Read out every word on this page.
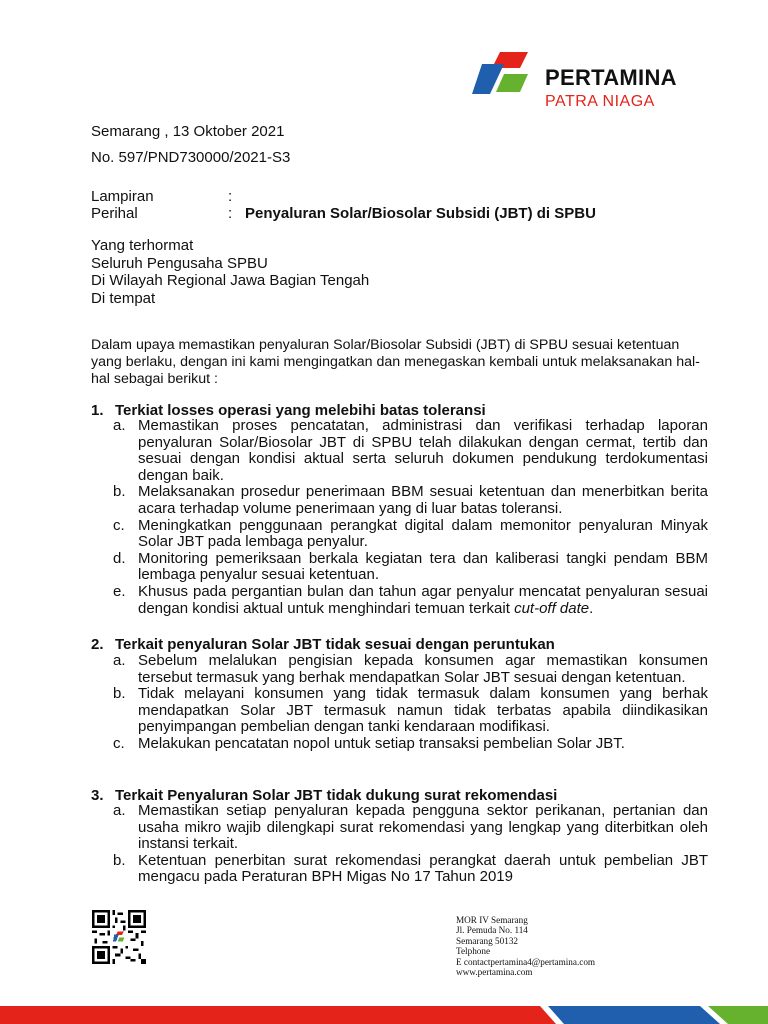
PERTAMINA
PATRA NIAGA
Semarang , 13 Oktober 2021
No. 597/PND730000/2021-S3
Lampiran	:
Perihal	: Penyaluran Solar/Biosolar Subsidi (JBT) di SPBU
Yang terhormat
Seluruh Pengusaha SPBU
Di Wilayah Regional Jawa Bagian Tengah
Di tempat
Dalam upaya memastikan penyaluran Solar/Biosolar Subsidi (JBT) di SPBU sesuai ketentuan yang berlaku, dengan ini kami mengingatkan dan menegaskan kembali untuk melaksanakan hal-hal sebagai berikut :
1. Terkiat losses operasi yang melebihi batas toleransi
a. Memastikan proses pencatatan, administrasi dan verifikasi terhadap laporan penyaluran Solar/Biosolar JBT di SPBU telah dilakukan dengan cermat, tertib dan sesuai dengan kondisi aktual serta seluruh dokumen pendukung terdokumentasi dengan baik.
b. Melaksanakan prosedur penerimaan BBM sesuai ketentuan dan menerbitkan berita acara terhadap volume penerimaan yang di luar batas toleransi.
c. Meningkatkan penggunaan perangkat digital dalam memonitor penyaluran Minyak Solar JBT pada lembaga penyalur.
d. Monitoring pemeriksaan berkala kegiatan tera dan kaliberasi tangki pendam BBM lembaga penyalur sesuai ketentuan.
e. Khusus pada pergantian bulan dan tahun agar penyalur mencatat penyaluran sesuai dengan kondisi aktual untuk menghindari temuan terkait cut-off date.
2. Terkait penyaluran Solar JBT tidak sesuai dengan peruntukan
a. Sebelum melalukan pengisian kepada konsumen agar memastikan konsumen tersebut termasuk yang berhak mendapatkan Solar JBT sesuai dengan ketentuan.
b. Tidak melayani konsumen yang tidak termasuk dalam konsumen yang berhak mendapatkan Solar JBT termasuk namun tidak terbatas apabila diindikasikan penyimpangan pembelian dengan tanki kendaraan modifikasi.
c. Melakukan pencatatan nopol untuk setiap transaksi pembelian Solar JBT.
3. Terkait Penyaluran Solar JBT tidak dukung surat rekomendasi
a. Memastikan setiap penyaluran kepada pengguna sektor perikanan, pertanian dan usaha mikro wajib dilengkapi surat rekomendasi yang lengkap yang diterbitkan oleh instansi terkait.
b. Ketentuan penerbitan surat rekomendasi perangkat daerah untuk pembelian JBT mengacu pada Peraturan BPH Migas No 17 Tahun 2019
MOR IV Semarang
Jl. Pemuda No. 114
Semarang 50132
Telphone
E contactpertamina4@pertamina.com
www.pertamina.com
